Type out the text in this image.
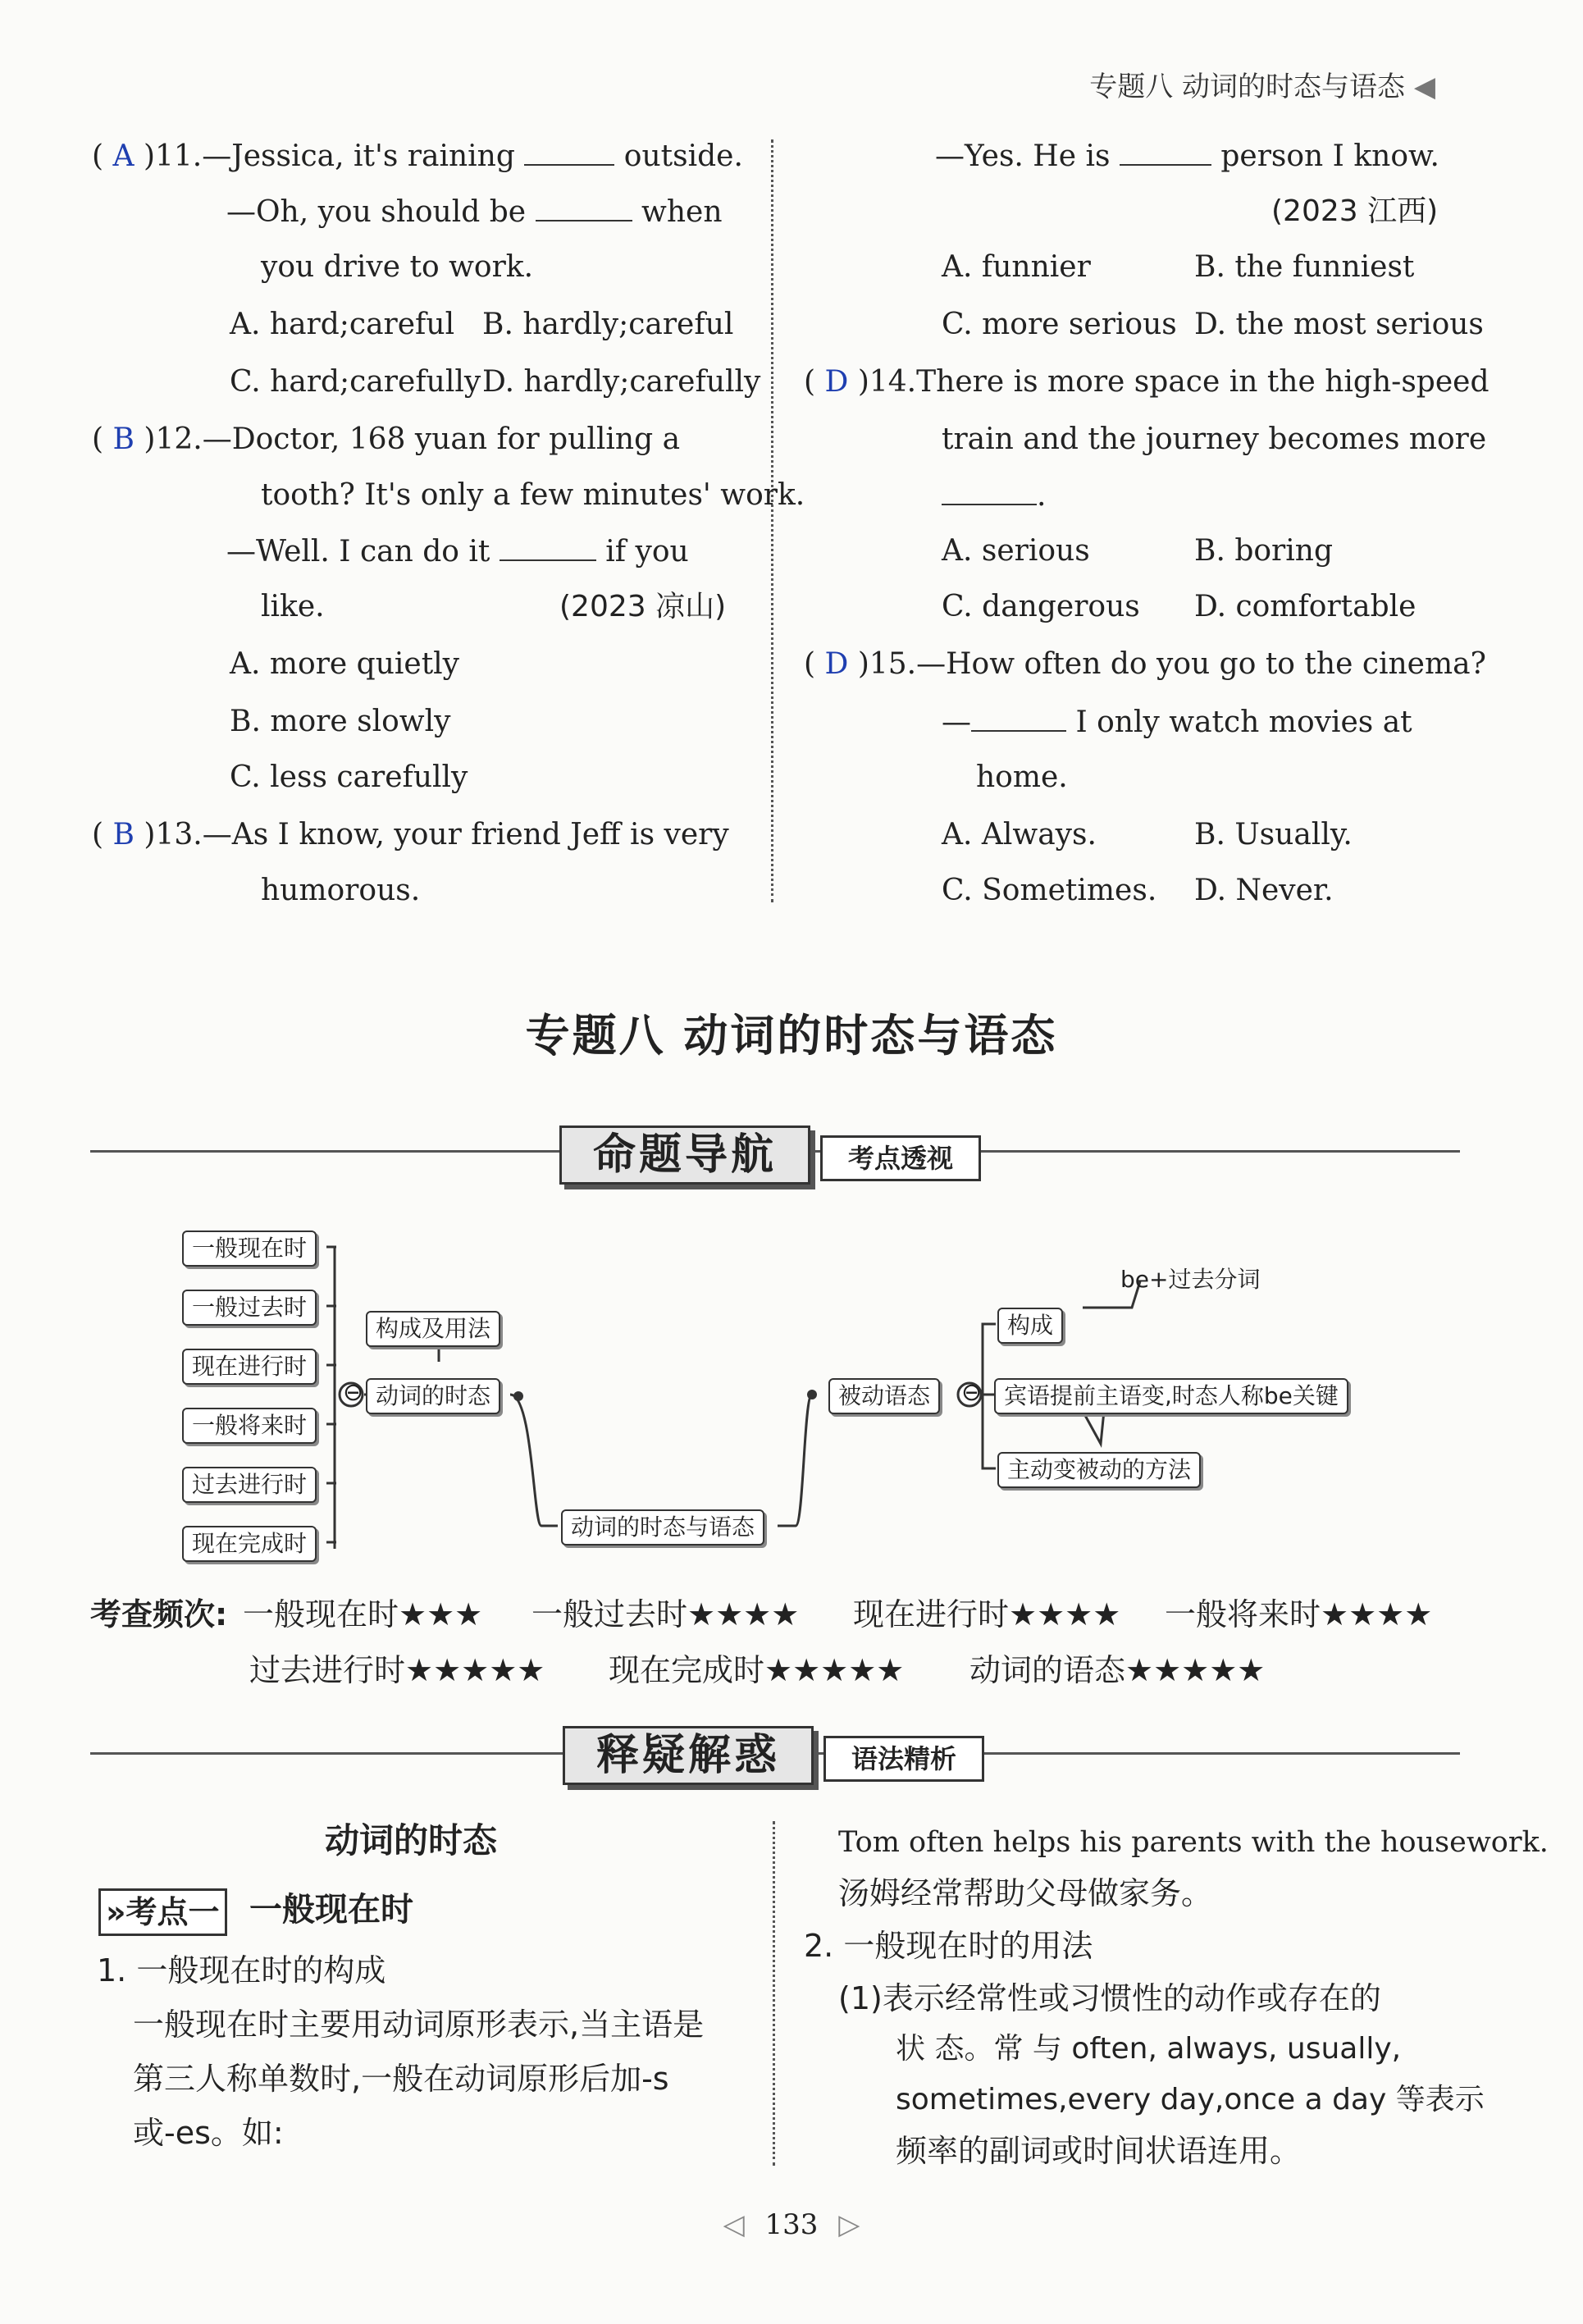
专题八 动词的时态与语态 ◀
( A )11.—Jessica, it's raining	outside.
—Oh, you should be	when
you drive to work.
A. hard;careful B. hardly;careful
C. hard;carefully D. hardly;carefully
( B )12.—Doctor, 168 yuan for pulling a
tooth? It's only a few minutes' work.
—Well. I can do it	if you
like.	(2023 凉山)
A. more quietly
B. more slowly
C. less carefully
( B )13.—As I know, your friend Jeff is very
humorous.
—Yes. He is	person I know.
(2023 江西)
A. funnier	B. the funniest
C. more serious D. the most serious
( D )14.There is more space in the high-speed
train and the journey becomes more
.
A. serious	B. boring
C. dangerous D. comfortable
( D )15.—How often do you go to the cinema?
—	I only watch movies at
home.
A. Always.	B. Usually.
C. Sometimes. D. Never.
专题八 动词的时态与语态
命题导航	考点透视
⊖	⊖
一般现在时
一般过去时
现在进行时
一般将来时
过去进行时
现在完成时
构成及用法
动词的时态
动词的时态与语态
被动语态
构成
be+过去分词
宾语提前主语变,时态人称be关键
主动变被动的方法
考查频次: 一般现在时★★★ 一般过去时★★★★ 现在进行时★★★★ 一般将来时★★★★
过去进行时★★★★★ 现在完成时★★★★★ 动词的语态★★★★★
释疑解惑	语法精析
动词的时态
»考点一 一般现在时
1. 一般现在时的构成
一般现在时主要用动词原形表示,当主语是
第三人称单数时,一般在动词原形后加-s
或-es。如:
Tom often helps his parents with the housework.
汤姆经常帮助父母做家务。
2. 一般现在时的用法
(1)表示经常性或习惯性的动作或存在的
状 态。常 与 often, always, usually,
sometimes,every day,once a day 等表示
频率的副词或时间状语连用。
◁ 133 ▷
